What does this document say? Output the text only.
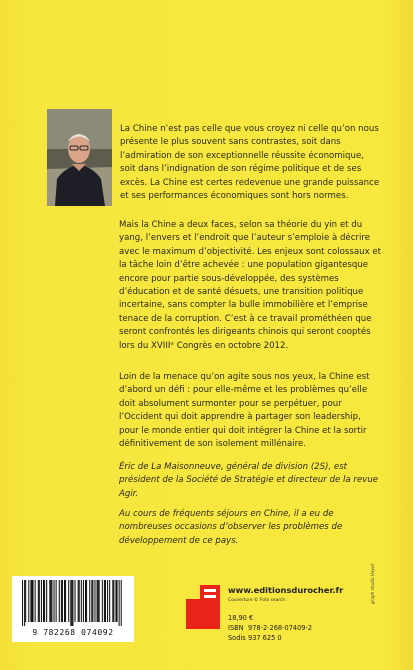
La Chine n’est pas celle que vous croyez ni celle qu’on nous présente le plus souvent sans contrastes, soit dans l’admiration de son exceptionnelle réussite économique, soit dans l’indignation de son régime politique et de ses excès. La Chine est certes redevenue une grande puissance et ses performances économiques sont hors normes.

Mais la Chine a deux faces, selon sa théorie du yin et du yang, l’envers et l’endroit que l’auteur s’emploie à décrire avec le maximum d’objectivité. Les enjeux sont colossaux et la tâche loin d’être achevée : une population gigantesque encore pour partie sous-développée, des systèmes d’éducation et de santé désuets, une transition politique incertaine, sans compter la bulle immobilière et l’emprise tenace de la corruption. C’est à ce travail prométhéen que seront confrontés les dirigeants chinois qui seront cooptés lors du XVIIIᵉ Congrès en octobre 2012.

Loin de la menace qu’on agite sous nos yeux, la Chine est d’abord un défi : pour elle-même et les problèmes qu’elle doit absolument surmonter pour se perpétuer, pour l’Occident qui doit apprendre à partager son leadership, pour le monde entier qui doit intégrer la Chine et la sortir définitivement de son isolement millénaire.

Éric de La Maisonneuve, général de division (2S), est président de la Société de Stratégie et directeur de la revue Agir.

Au cours de fréquents séjours en Chine, il a eu de nombreuses occasions d’observer les problèmes de développement de ce pays.

9 782268 074092
www.editionsdurocher.fr
Couverture © Foto search
18,90 €
ISBN 978-2-268-07409-2
Sodis 937 625 0
graph studio Hayot
